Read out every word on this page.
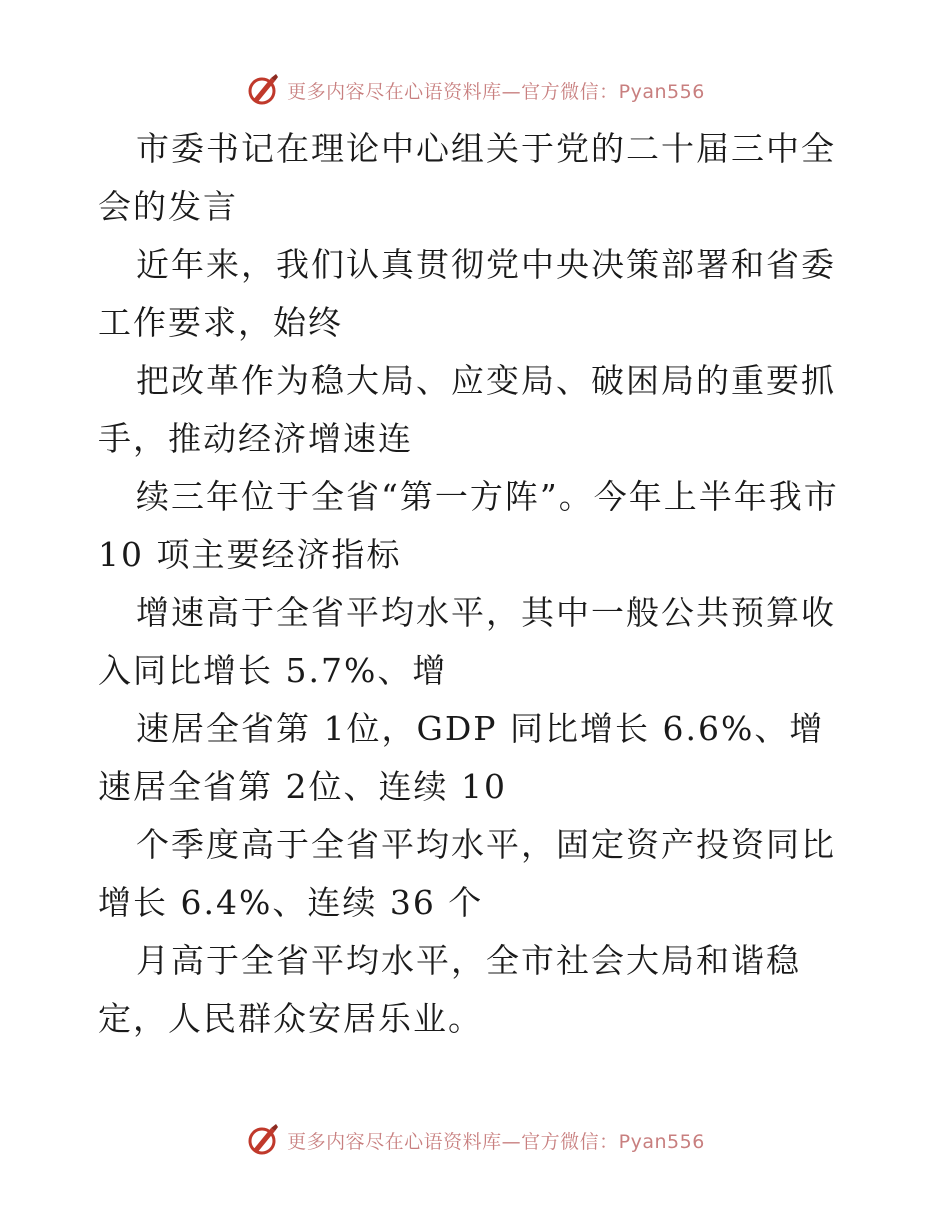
更多内容尽在心语资料库—官方微信：Pyan556

市委书记在理论中心组关于党的二十届三中全会的发言

近年来，我们认真贯彻党中央决策部署和省委工作要求，始终

把改革作为稳大局、应变局、破困局的重要抓手，推动经济增速连

续三年位于全省“第一方阵”。今年上半年我市 10 项主要经济指标

增速高于全省平均水平，其中一般公共预算收入同比增长 5.7%、增

速居全省第 1位，GDP 同比增长 6.6%、增速居全省第 2位、连续 10

个季度高于全省平均水平，固定资产投资同比增长 6.4%、连续 36 个

月高于全省平均水平，全市社会大局和谐稳定，人民群众安居乐业。

更多内容尽在心语资料库—官方微信：Pyan556
